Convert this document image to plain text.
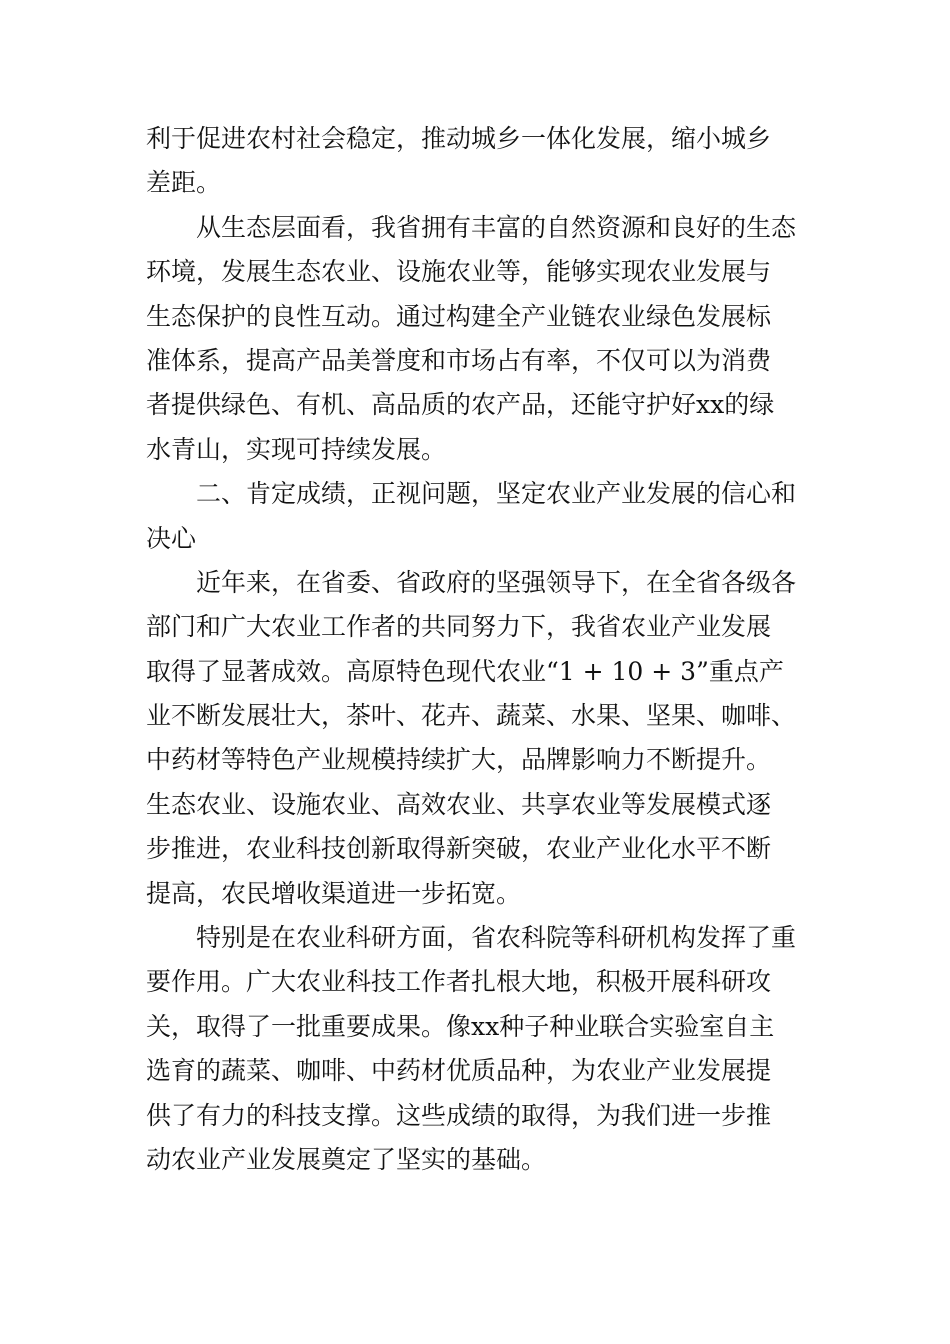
利于促进农村社会稳定，推动城乡一体化发展，缩小城乡
差距。
从生态层面看，我省拥有丰富的自然资源和良好的生态
环境，发展生态农业、设施农业等，能够实现农业发展与
生态保护的良性互动。通过构建全产业链农业绿色发展标
准体系，提高产品美誉度和市场占有率，不仅可以为消费
者提供绿色、有机、高品质的农产品，还能守护好xx的绿
水青山，实现可持续发展。
二、肯定成绩，正视问题，坚定农业产业发展的信心和
决心
近年来，在省委、省政府的坚强领导下，在全省各级各
部门和广大农业工作者的共同努力下，我省农业产业发展
取得了显著成效。高原特色现代农业“1 + 10 + 3”重点产
业不断发展壮大，茶叶、花卉、蔬菜、水果、坚果、咖啡、
中药材等特色产业规模持续扩大，品牌影响力不断提升。
生态农业、设施农业、高效农业、共享农业等发展模式逐
步推进，农业科技创新取得新突破，农业产业化水平不断
提高，农民增收渠道进一步拓宽。
特别是在农业科研方面，省农科院等科研机构发挥了重
要作用。广大农业科技工作者扎根大地，积极开展科研攻
关，取得了一批重要成果。像xx种子种业联合实验室自主
选育的蔬菜、咖啡、中药材优质品种，为农业产业发展提
供了有力的科技支撑。这些成绩的取得，为我们进一步推
动农业产业发展奠定了坚实的基础。
